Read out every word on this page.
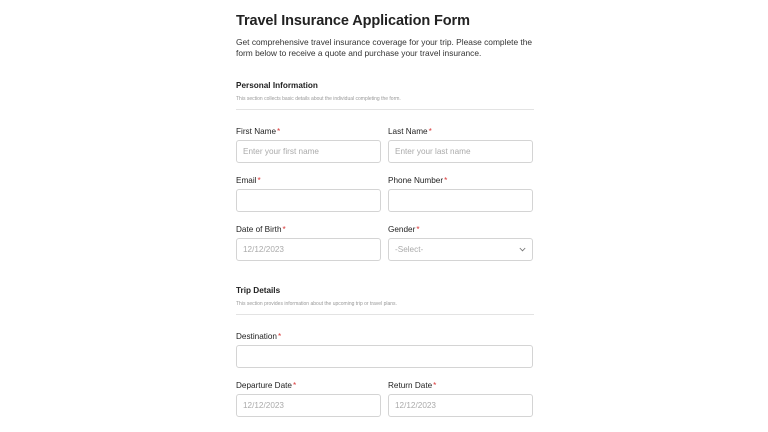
Travel Insurance Application Form
Get comprehensive travel insurance coverage for your trip. Please complete the form below to receive a quote and purchase your travel insurance.
Personal Information
This section collects basic details about the individual completing the form.
First Name*
Enter your first name
Last Name*
Enter your last name
Email*	Phone Number*
Date of Birth*
12/12/2023
Gender*
-Select-
Trip Details
This section provides information about the upcoming trip or travel plans.
Destination*
Departure Date*
12/12/2023
Return Date*
12/12/2023
